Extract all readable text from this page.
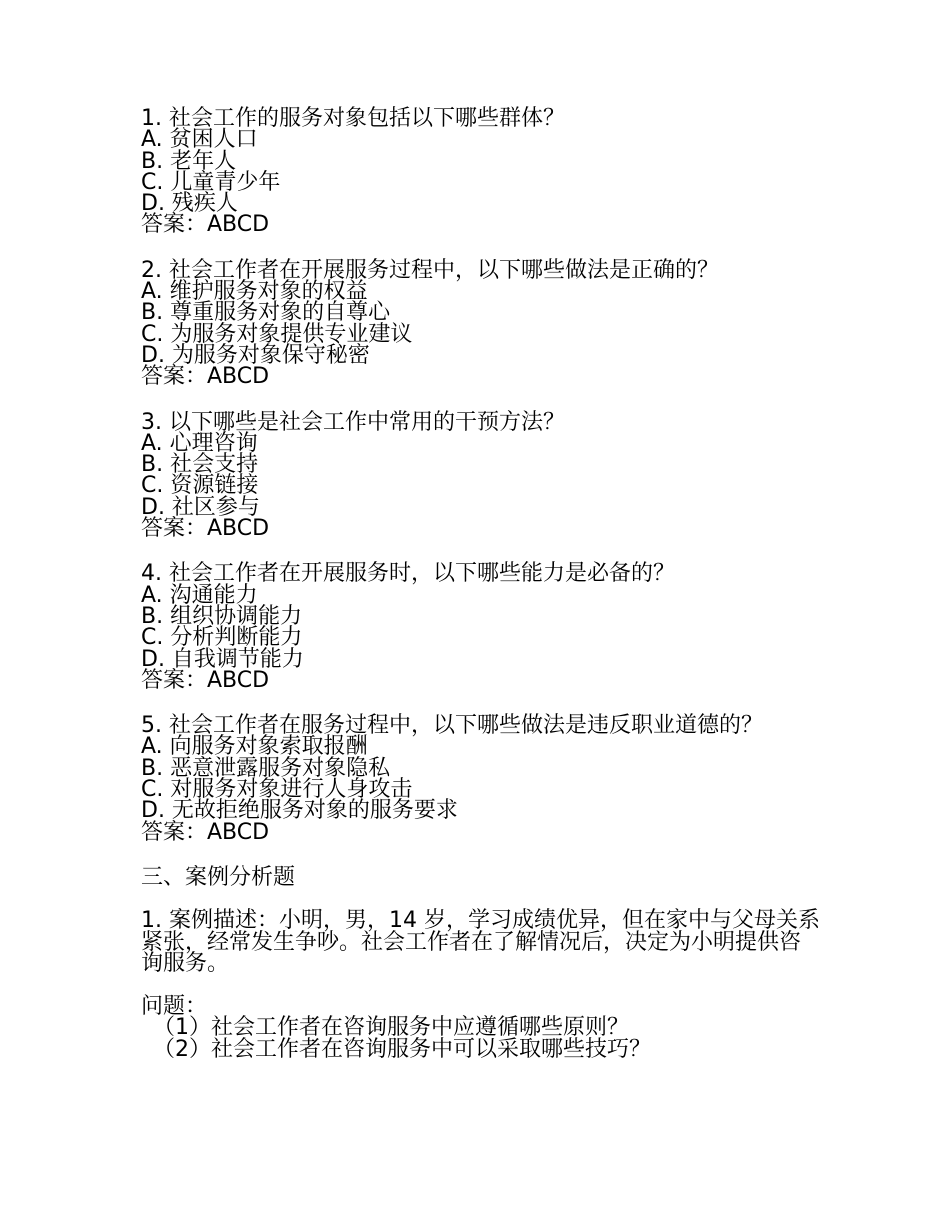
1. 社会工作的服务对象包括以下哪些群体？

A. 贫困人口

B. 老年人

C. 儿童青少年

D. 残疾人

答案：ABCD

2. 社会工作者在开展服务过程中，以下哪些做法是正确的？

A. 维护服务对象的权益

B. 尊重服务对象的自尊心

C. 为服务对象提供专业建议

D. 为服务对象保守秘密

答案：ABCD

3. 以下哪些是社会工作中常用的干预方法？

A. 心理咨询

B. 社会支持

C. 资源链接

D. 社区参与

答案：ABCD

4. 社会工作者在开展服务时，以下哪些能力是必备的？

A. 沟通能力

B. 组织协调能力

C. 分析判断能力

D. 自我调节能力

答案：ABCD

5. 社会工作者在服务过程中，以下哪些做法是违反职业道德的？

A. 向服务对象索取报酬

B. 恶意泄露服务对象隐私

C. 对服务对象进行人身攻击

D. 无故拒绝服务对象的服务要求

答案：ABCD

三、案例分析题

1. 案例描述：小明，男，14 岁，学习成绩优异，但在家中与父母关系紧张，经常发生争吵。社会工作者在了解情况后，决定为小明提供咨询服务。

问题：

（1）社会工作者在咨询服务中应遵循哪些原则？

（2）社会工作者在咨询服务中可以采取哪些技巧？
